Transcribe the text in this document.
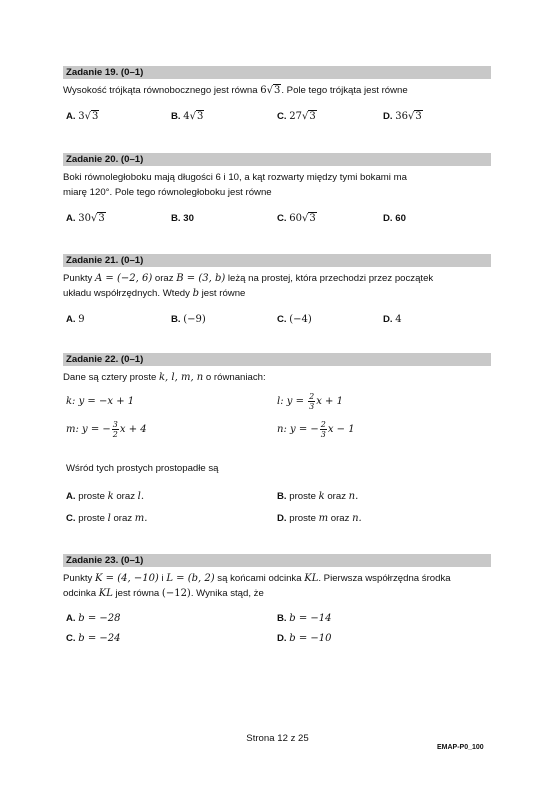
Zadanie 19. (0–1)
Wysokość trójkąta równobocznego jest równa 6√3. Pole tego trójkąta jest równe
A. 3√3	B. 4√3	C. 27√3	D. 36√3
Zadanie 20. (0–1)
Boki równoległoboku mają długości 6 i 10, a kąt rozwarty między tymi bokami ma
miarę 120°. Pole tego równoległoboku jest równe
A. 30√3	B. 30	C. 60√3	D. 60
Zadanie 21. (0–1)
Punkty A = (−2, 6) oraz B = (3, b) leżą na prostej, która przechodzi przez początek
układu współrzędnych. Wtedy b jest równe
A. 9	B. (−9)	C. (−4)	D. 4
Zadanie 22. (0–1)
Dane są cztery proste k, l, m, n o równaniach:
k: y = −x + 1	l: $y = \frac{2}{3}$ x + 1
m: y = − $\frac{3}{2}$ x + 4	n: y = − $\frac{2}{3}$ x − 1
Wśród tych prostych prostopadłe są
A. proste k oraz l.	B. proste k oraz n.
C. proste l oraz m.	D. proste m oraz n.
Zadanie 23. (0–1)
Punkty K = (4, −10) i L = (b, 2) są końcami odcinka KL. Pierwsza współrzędna środka
odcinka KL jest równa (−12). Wynika stąd, że
A. b = −28	B. b = −14
C. b = −24	D. b = −10
Strona 12 z 25
EMAP-P0_100
